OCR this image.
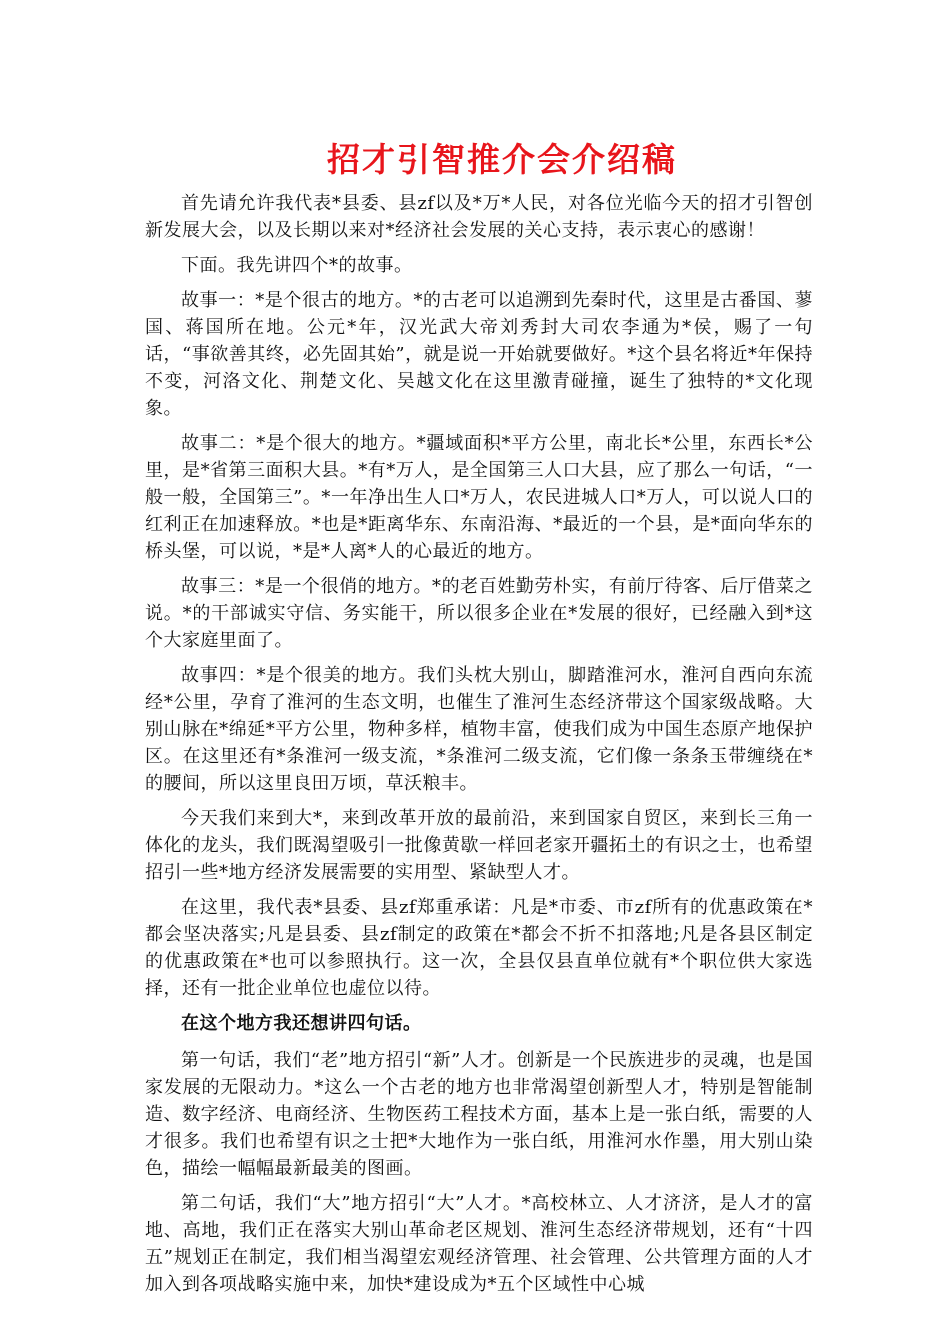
招才引智推介会介绍稿

首先请允许我代表*县委、县zf以及*万*人民，对各位光临今天的招才引智创新发展大会，以及长期以来对*经济社会发展的关心支持，表示衷心的感谢！

下面。我先讲四个*的故事。

故事一：*是个很古的地方。*的古老可以追溯到先秦时代，这里是古番国、蓼国、蒋国所在地。公元*年，汉光武大帝刘秀封大司农李通为*侯，赐了一句话，“事欲善其终，必先固其始”，就是说一开始就要做好。*这个县名将近*年保持不变，河洛文化、荆楚文化、吴越文化在这里激青碰撞，诞生了独特的*文化现象。

故事二：*是个很大的地方。*疆域面积*平方公里，南北长*公里，东西长*公里，是*省第三面积大县。*有*万人，是全国第三人口大县，应了那么一句话，“一般一般，全国第三”。*一年净出生人口*万人，农民进城人口*万人，可以说人口的红利正在加速释放。*也是*距离华东、东南沿海、*最近的一个县，是*面向华东的桥头堡，可以说，*是*人离*人的心最近的地方。

故事三：*是一个很俏的地方。*的老百姓勤劳朴实，有前厅待客、后厅借菜之说。*的干部诚实守信、务实能干，所以很多企业在*发展的很好，已经融入到*这个大家庭里面了。

故事四：*是个很美的地方。我们头枕大别山，脚踏淮河水，淮河自西向东流经*公里，孕育了淮河的生态文明，也催生了淮河生态经济带这个国家级战略。大别山脉在*绵延*平方公里，物种多样，植物丰富，使我们成为中国生态原产地保护区。在这里还有*条淮河一级支流，*条淮河二级支流，它们像一条条玉带缠绕在*的腰间，所以这里良田万顷，草沃粮丰。

今天我们来到大*，来到改革开放的最前沿，来到国家自贸区，来到长三角一体化的龙头，我们既渴望吸引一批像黄歇一样回老家开疆拓土的有识之士，也希望招引一些*地方经济发展需要的实用型、紧缺型人才。

在这里，我代表*县委、县zf郑重承诺：凡是*市委、市zf所有的优惠政策在*都会坚决落实;凡是县委、县zf制定的政策在*都会不折不扣落地;凡是各县区制定的优惠政策在*也可以参照执行。这一次，全县仅县直单位就有*个职位供大家选择，还有一批企业单位也虚位以待。

在这个地方我还想讲四句话。

第一句话，我们“老”地方招引“新”人才。创新是一个民族进步的灵魂，也是国家发展的无限动力。*这么一个古老的地方也非常渴望创新型人才，特别是智能制造、数字经济、电商经济、生物医药工程技术方面，基本上是一张白纸，需要的人才很多。我们也希望有识之士把*大地作为一张白纸，用淮河水作墨，用大别山染色，描绘一幅幅最新最美的图画。

第二句话，我们“大”地方招引“大”人才。*高校林立、人才济济，是人才的富地、高地，我们正在落实大别山革命老区规划、淮河生态经济带规划，还有“十四五”规划正在制定，我们相当渴望宏观经济管理、社会管理、公共管理方面的人才加入到各项战略实施中来，加快*建设成为*五个区域性中心城
